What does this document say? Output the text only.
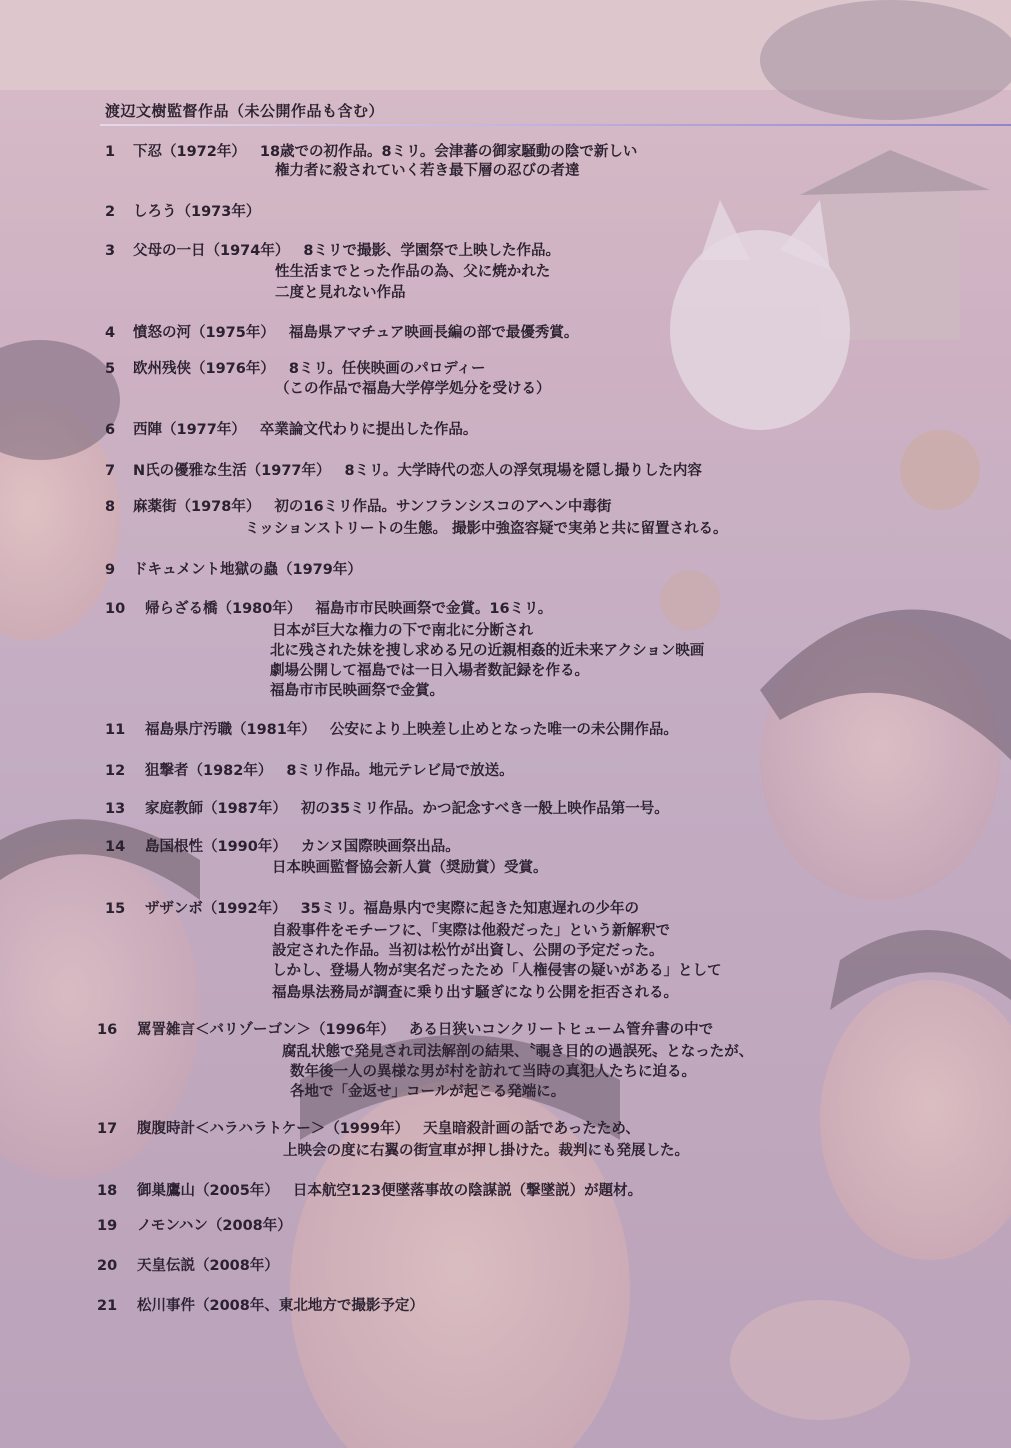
渡辺文樹監督作品（未公開作品も含む）
1 下忍（1972年） 18歳での初作品。8ミリ。会津蕃の御家騒動の陰で新しい
権力者に殺されていく若き最下層の忍びの者達
2 しろう（1973年）
3 父母の一日（1974年） 8ミリで撮影、学園祭で上映した作品。
性生活までとった作品の為、父に焼かれた
二度と見れない作品
4 憤怒の河（1975年） 福島県アマチュア映画長編の部で最優秀賞。
5 欧州残侠（1976年） 8ミリ。任侠映画のパロディー
（この作品で福島大学停学処分を受ける）
6 西陣（1977年） 卒業論文代わりに提出した作品。
7 N氏の優雅な生活（1977年） 8ミリ。大学時代の恋人の浮気現場を隠し撮りした内容
8 麻薬街（1978年） 初の16ミリ作品。サンフランシスコのアヘン中毒街
ミッションストリートの生態。 撮影中強盗容疑で実弟と共に留置される。
9 ドキュメント地獄の蟲（1979年）
10 帰らざる橋（1980年） 福島市市民映画祭で金賞。16ミリ。
日本が巨大な権力の下で南北に分断され
北に残された妹を捜し求める兄の近親相姦的近未来アクション映画
劇場公開して福島では一日入場者数記録を作る。
福島市市民映画祭で金賞。
11 福島県庁汚職（1981年） 公安により上映差し止めとなった唯一の未公開作品。
12 狙撃者（1982年） 8ミリ作品。地元テレビ局で放送。
13 家庭教師（1987年） 初の35ミリ作品。かつ記念すべき一般上映作品第一号。
14 島国根性（1990年） カンヌ国際映画祭出品。
日本映画監督協会新人賞（奨励賞）受賞。
15 ザザンボ（1992年） 35ミリ。福島県内で実際に起きた知恵遅れの少年の
自殺事件をモチーフに、「実際は他殺だった」という新解釈で
設定された作品。当初は松竹が出資し、公開の予定だった。
しかし、登場人物が実名だったため「人権侵害の疑いがある」として
福島県法務局が調査に乗り出す騒ぎになり公開を拒否される。
16 罵詈雑言＜バリゾーゴン＞（1996年） ある日狭いコンクリートヒューム管弁書の中で
腐乱状態で発見され司法解剖の結果、〝覗き目的の過誤死〟となったが、
数年後一人の異様な男が村を訪れて当時の真犯人たちに迫る。
各地で「金返せ」コールが起こる発端に。
17 腹腹時計＜ハラハラトケー＞（1999年） 天皇暗殺計画の話であったため、
上映会の度に右翼の街宣車が押し掛けた。裁判にも発展した。
18 御巣鷹山（2005年） 日本航空123便墜落事故の陰謀説（撃墜説）が題材。
19 ノモンハン（2008年）
20 天皇伝説（2008年）
21 松川事件（2008年、東北地方で撮影予定）
